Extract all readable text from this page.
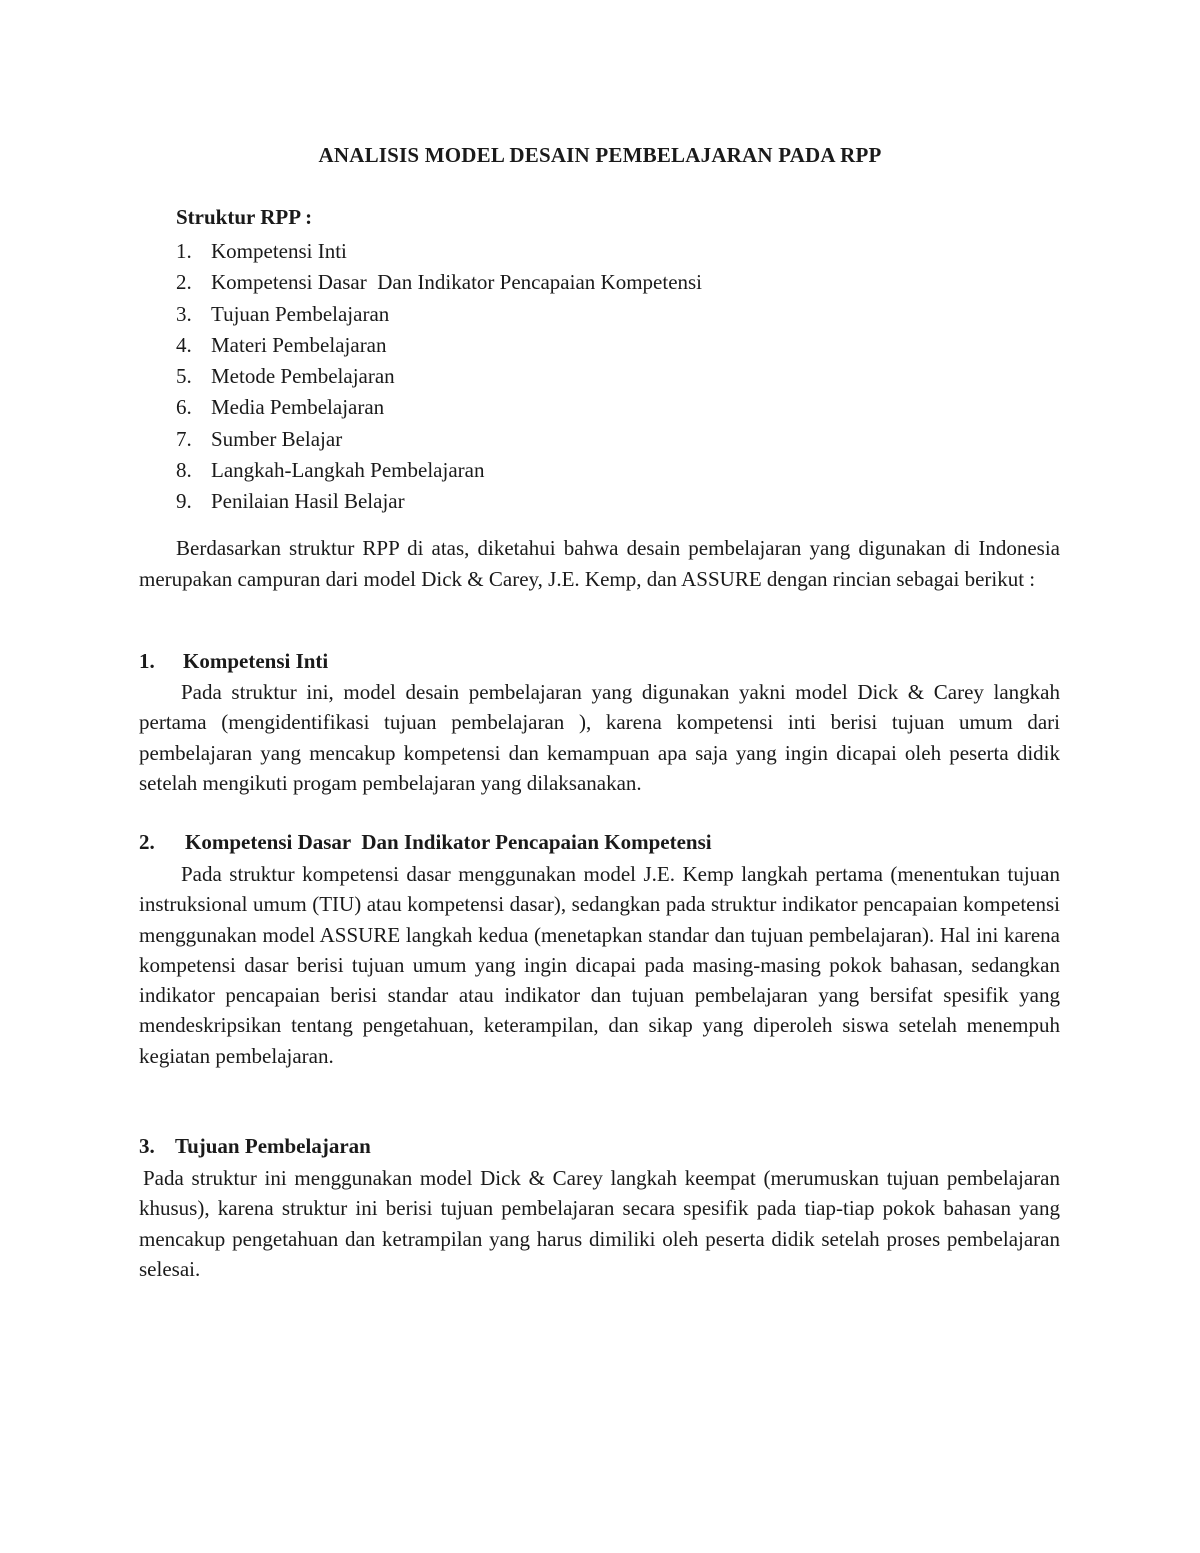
ANALISIS MODEL DESAIN PEMBELAJARAN PADA RPP
Struktur RPP :
1. Kompetensi Inti
2. Kompetensi Dasar  Dan Indikator Pencapaian Kompetensi
3. Tujuan Pembelajaran
4. Materi Pembelajaran
5. Metode Pembelajaran
6. Media Pembelajaran
7. Sumber Belajar
8. Langkah-Langkah Pembelajaran
9. Penilaian Hasil Belajar

Berdasarkan struktur RPP di atas, diketahui bahwa desain pembelajaran yang digunakan di Indonesia merupakan campuran dari model Dick & Carey, J.E. Kemp, dan ASSURE dengan rincian sebagai berikut :

1. Kompetensi Inti

Pada struktur ini, model desain pembelajaran yang digunakan yakni model Dick & Carey langkah pertama (mengidentifikasi tujuan pembelajaran ), karena kompetensi inti berisi tujuan umum dari pembelajaran yang mencakup kompetensi dan kemampuan apa saja yang ingin dicapai oleh peserta didik setelah mengikuti progam pembelajaran yang dilaksanakan.

2. Kompetensi Dasar  Dan Indikator Pencapaian Kompetensi

Pada struktur kompetensi dasar menggunakan model J.E. Kemp langkah pertama (menentukan tujuan instruksional umum (TIU) atau kompetensi dasar), sedangkan pada struktur indikator pencapaian kompetensi menggunakan model ASSURE langkah kedua (menetapkan standar dan tujuan pembelajaran). Hal ini karena kompetensi dasar berisi tujuan umum yang ingin dicapai pada masing-masing pokok bahasan, sedangkan indikator pencapaian berisi standar atau indikator dan tujuan pembelajaran yang bersifat spesifik yang mendeskripsikan tentang pengetahuan, keterampilan, dan sikap yang diperoleh siswa setelah menempuh kegiatan pembelajaran.

3. Tujuan Pembelajaran

Pada struktur ini menggunakan model Dick & Carey langkah keempat (merumuskan tujuan pembelajaran khusus), karena struktur ini berisi tujuan pembelajaran secara spesifik pada tiap-tiap pokok bahasan yang mencakup pengetahuan dan ketrampilan yang harus dimiliki oleh peserta didik setelah proses pembelajaran selesai.
